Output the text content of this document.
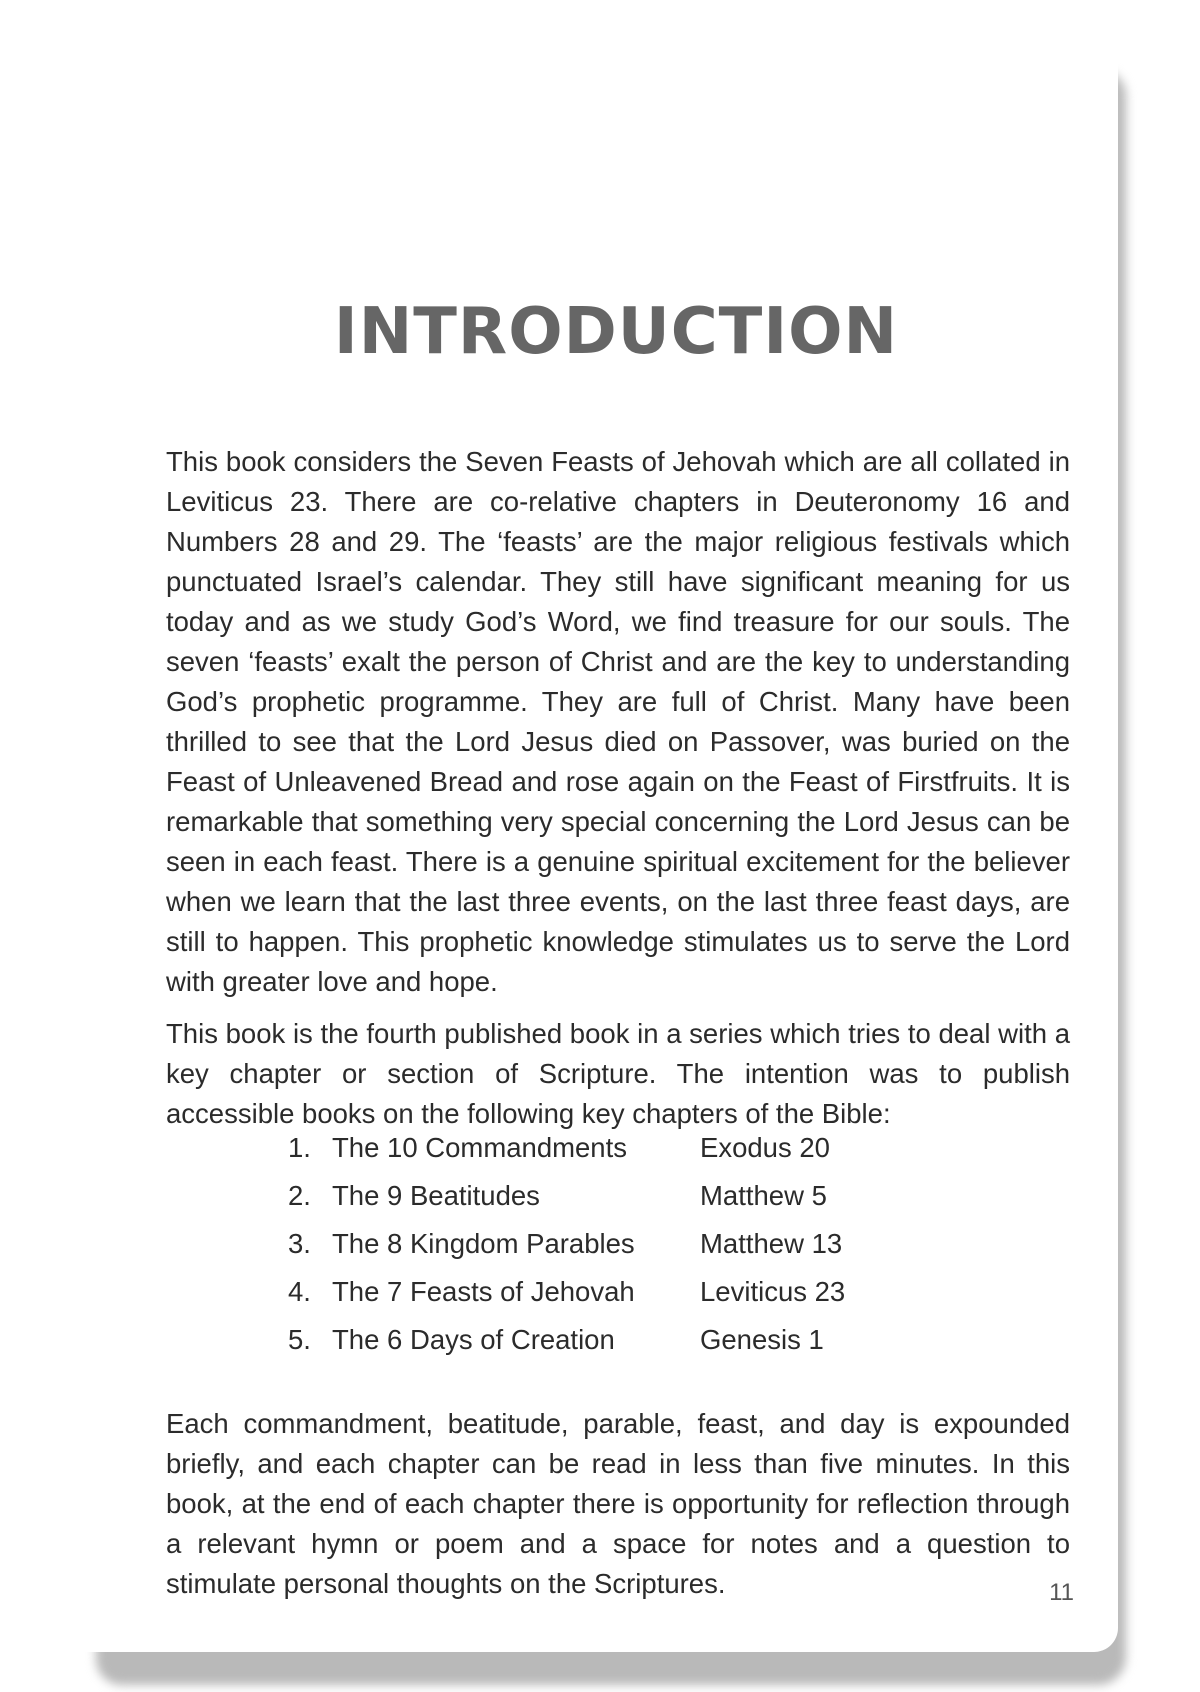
INTRODUCTION

This book considers the Seven Feasts of Jehovah which are all collated in Leviticus 23. There are co-relative chapters in Deuteronomy 16 and Numbers 28 and 29. The ‘feasts’ are the major religious festivals which punctuated Israel’s calendar. They still have significant meaning for us today and as we study God’s Word, we find treasure for our souls. The seven ‘feasts’ exalt the person of Christ and are the key to understanding God’s prophetic programme. They are full of Christ. Many have been thrilled to see that the Lord Jesus died on Passover, was buried on the Feast of Unleavened Bread and rose again on the Feast of Firstfruits. It is remarkable that something very special concerning the Lord Jesus can be seen in each feast. There is a genuine spiritual excitement for the believer when we learn that the last three events, on the last three feast days, are still to happen. This prophetic knowledge stimulates us to serve the Lord with greater love and hope.

This book is the fourth published book in a series which tries to deal with a key chapter or section of Scripture. The intention was to publish accessible books on the following key chapters of the Bible:

1. The 10 Commandments	Exodus 20
2. The 9 Beatitudes	Matthew 5
3. The 8 Kingdom Parables Matthew 13
4. The 7 Feasts of Jehovah Leviticus 23
5. The 6 Days of Creation	Genesis 1

Each commandment, beatitude, parable, feast, and day is expounded briefly, and each chapter can be read in less than five minutes. In this book, at the end of each chapter there is opportunity for reflection through a relevant hymn or poem and a space for notes and a question to stimulate personal thoughts on the Scriptures.	11
